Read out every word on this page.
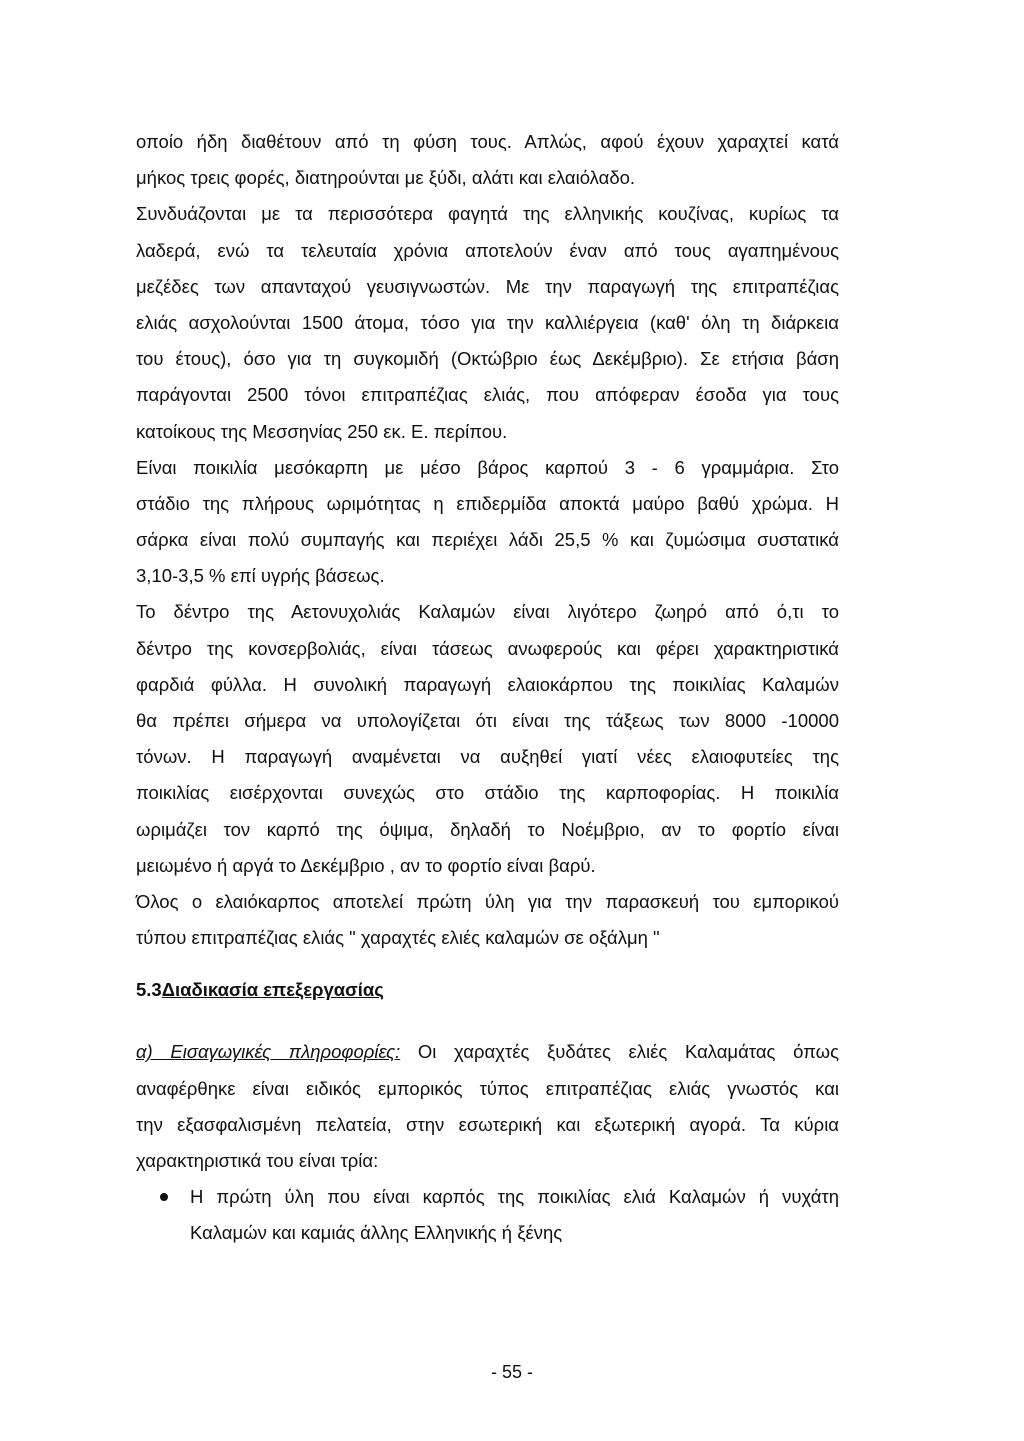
οποίο ήδη διαθέτουν από τη φύση τους. Απλώς, αφού έχουν χαραχτεί κατά
μήκος τρεις φορές, διατηρούνται με ξύδι, αλάτι και ελαιόλαδο.
Συνδυάζονται με τα περισσότερα φαγητά της ελληνικής κουζίνας, κυρίως τα
λαδερά, ενώ τα τελευταία χρόνια αποτελούν έναν από τους αγαπημένους
μεζέδες των απανταχού γευσιγνωστών. Με την παραγωγή της επιτραπέζιας
ελιάς ασχολούνται 1500 άτομα, τόσο για την καλλιέργεια (καθ' όλη τη διάρκεια
του έτους), όσο για τη συγκομιδή (Οκτώβριο έως Δεκέμβριο). Σε ετήσια βάση
παράγονται 2500 τόνοι επιτραπέζιας ελιάς, που απόφεραν έσοδα για τους
κατοίκους της Μεσσηνίας 250 εκ. Ε. περίπου.
Είναι ποικιλία μεσόκαρπη με μέσο βάρος καρπού 3 - 6 γραμμάρια. Στο
στάδιο της πλήρους ωριμότητας η επιδερμίδα αποκτά μαύρο βαθύ χρώμα. Η
σάρκα είναι πολύ συμπαγής και περιέχει λάδι 25,5 % και ζυμώσιμα συστατικά
3,10-3,5 % επί υγρής βάσεως.
Το δέντρο της Αετονυχολιάς Καλαμών είναι λιγότερο ζωηρό από ό,τι το
δέντρο της κονσερβολιάς, είναι τάσεως ανωφερούς και φέρει χαρακτηριστικά
φαρδιά φύλλα. Η συνολική παραγωγή ελαιοκάρπου της ποικιλίας Καλαμών
θα πρέπει σήμερα να υπολογίζεται ότι είναι της τάξεως των 8000 -10000
τόνων. Η παραγωγή αναμένεται να αυξηθεί γιατί νέες ελαιοφυτείες της
ποικιλίας εισέρχονται συνεχώς στο στάδιο της καρποφορίας. Η ποικιλία
ωριμάζει τον καρπό της όψιμα, δηλαδή το Νοέμβριο, αν το φορτίο είναι
μειωμένο ή αργά το Δεκέμβριο , αν το φορτίο είναι βαρύ.
Όλος ο ελαιόκαρπος αποτελεί πρώτη ύλη για την παρασκευή του εμπορικού
τύπου επιτραπέζιας ελιάς " χαραχτές ελιές καλαμών σε οξάλμη "
5.3Διαδικασία επεξεργασίας
α) Εισαγωγικές πληροφορίες: Οι χαραχτές ξυδάτες ελιές Καλαμάτας όπως
αναφέρθηκε είναι ειδικός εμπορικός τύπος επιτραπέζιας ελιάς γνωστός και
την εξασφαλισμένη πελατεία, στην εσωτερική και εξωτερική αγορά. Τα κύρια
χαρακτηριστικά του είναι τρία:
Η πρώτη ύλη που είναι καρπός της ποικιλίας ελιά Καλαμών ή νυχάτη
Καλαμών και καμιάς άλλης Ελληνικής ή ξένης
- 55 -
